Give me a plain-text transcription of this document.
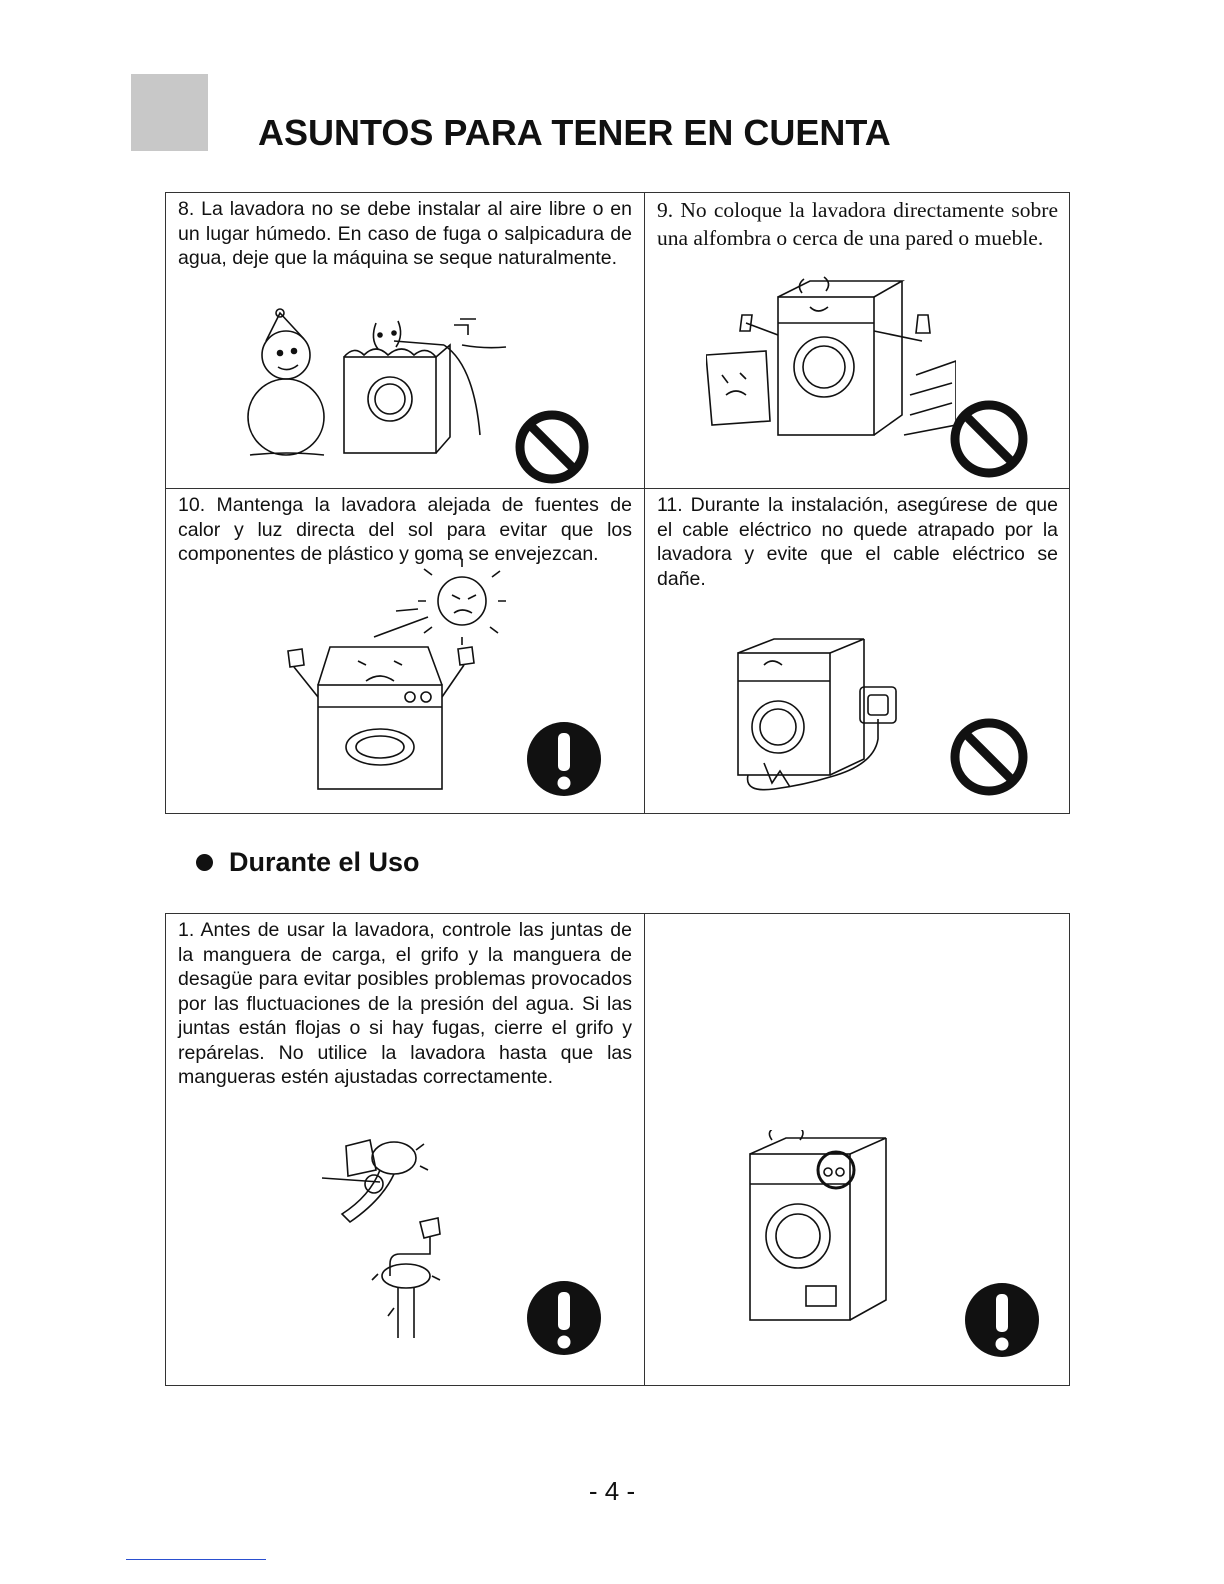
ASUNTOS PARA TENER EN CUENTA
8. La lavadora no se debe instalar al aire libre o en un lugar húmedo. En caso de fuga o salpicadura de agua, deje que la máquina se seque naturalmente.
9. No coloque la lavadora directamente sobre una alfombra o cerca de una pared o mueble.
10. Mantenga la lavadora alejada de fuentes de calor y luz directa del sol para evitar que los componentes de plástico y goma se envejezcan.
11. Durante la instalación, asegúrese de que el cable eléctrico no quede atrapado por la lavadora y evite que el cable eléctrico se dañe.
Durante el Uso
1. Antes de usar la lavadora, controle las juntas de la manguera de carga, el grifo y la manguera de desagüe para evitar posibles problemas provocados por las fluctuaciones de la presión del agua. Si las juntas están flojas o si hay fugas, cierre el grifo y repárelas. No utilice la lavadora hasta que las mangueras estén ajustadas correctamente.
- 4 -
